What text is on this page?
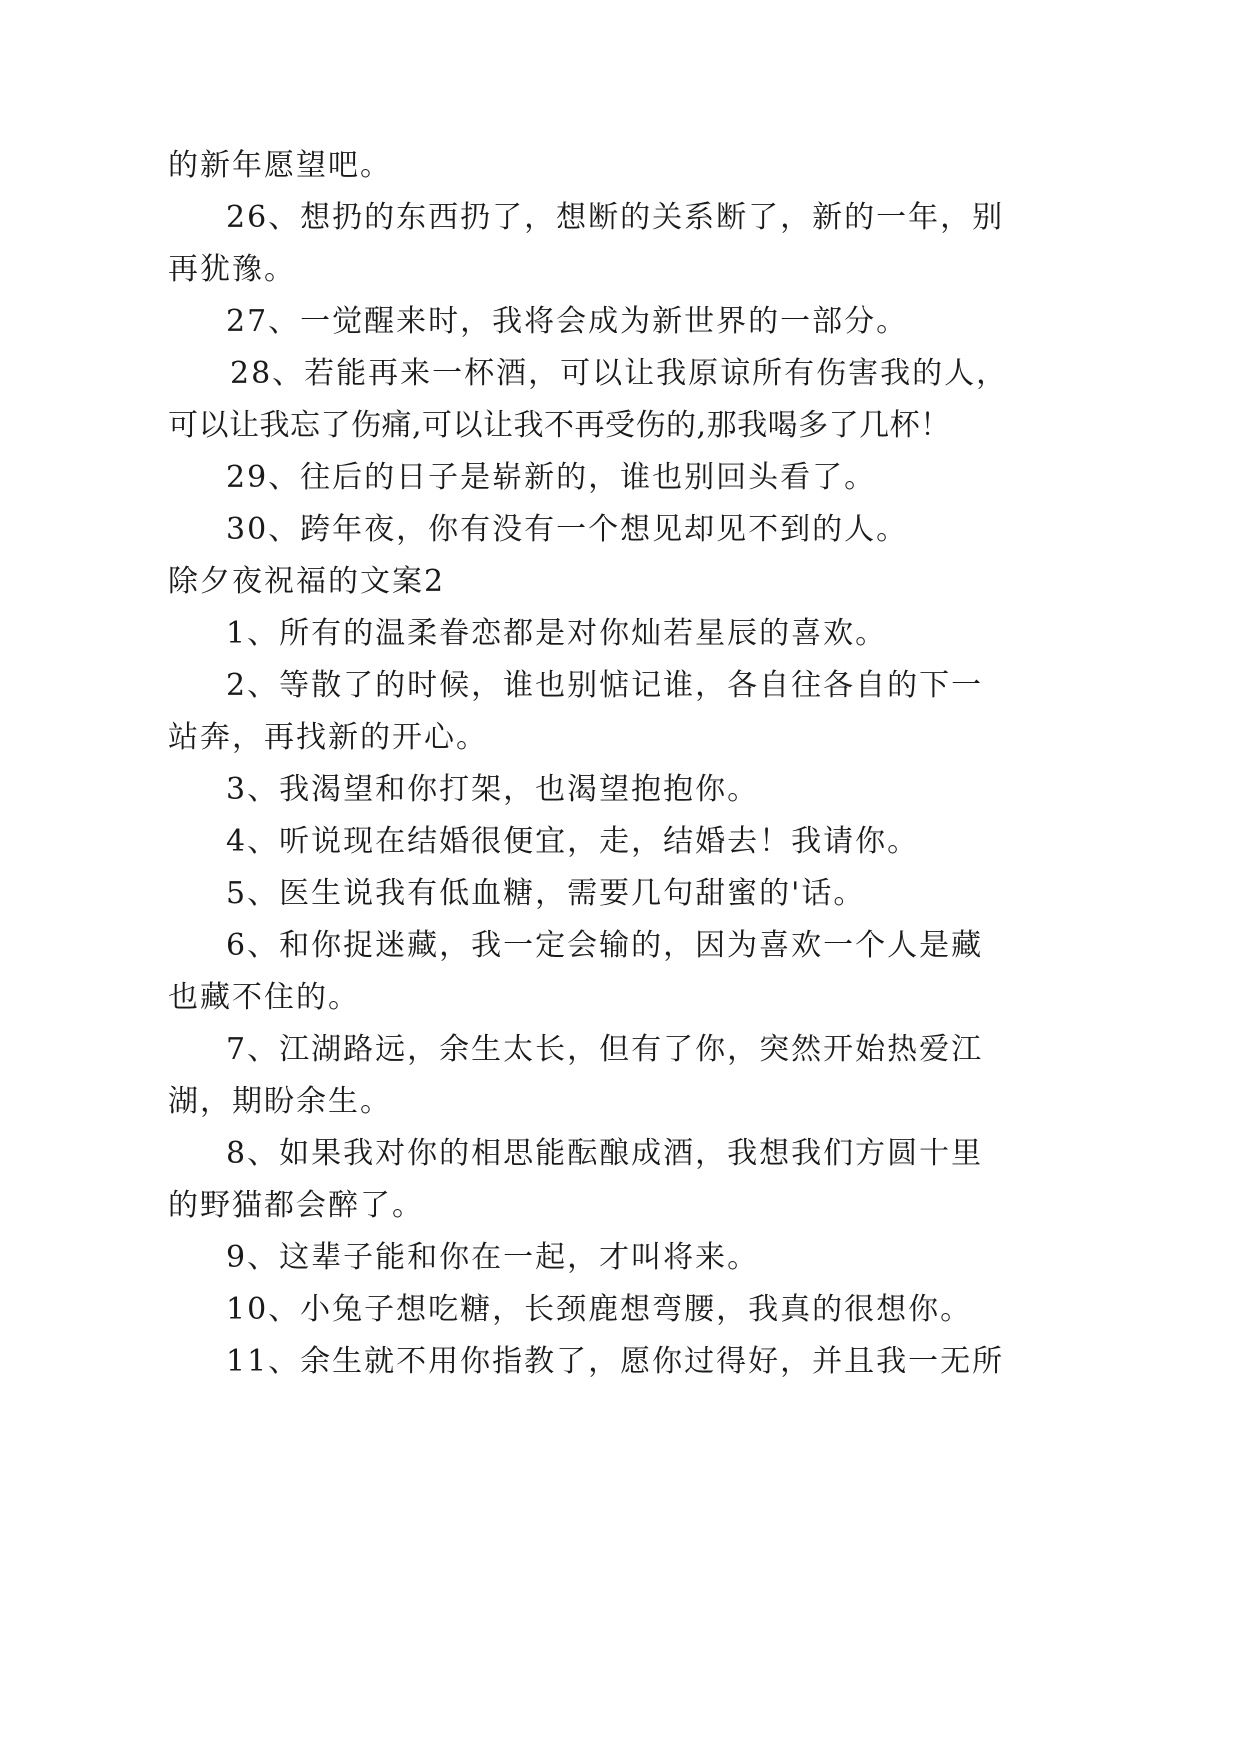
的新年愿望吧。
26、想扔的东西扔了，想断的关系断了，新的一年，别
再犹豫。
27、一觉醒来时，我将会成为新世界的一部分。
28、若能再来一杯酒，可以让我原谅所有伤害我的人，
可以让我忘了伤痛,可以让我不再受伤的,那我喝多了几杯！
29、往后的日子是崭新的，谁也别回头看了。
30、跨年夜，你有没有一个想见却见不到的人。
除夕夜祝福的文案2
1、所有的温柔眷恋都是对你灿若星辰的喜欢。
2、等散了的时候，谁也别惦记谁，各自往各自的下一
站奔，再找新的开心。
3、我渴望和你打架，也渴望抱抱你。
4、听说现在结婚很便宜，走，结婚去！我请你。
5、医生说我有低血糖，需要几句甜蜜的'话。
6、和你捉迷藏，我一定会输的，因为喜欢一个人是藏
也藏不住的。
7、江湖路远，余生太长，但有了你，突然开始热爱江
湖，期盼余生。
8、如果我对你的相思能酝酿成酒，我想我们方圆十里
的野猫都会醉了。
9、这辈子能和你在一起，才叫将来。
10、小兔子想吃糖，长颈鹿想弯腰，我真的很想你。
11、余生就不用你指教了，愿你过得好，并且我一无所
